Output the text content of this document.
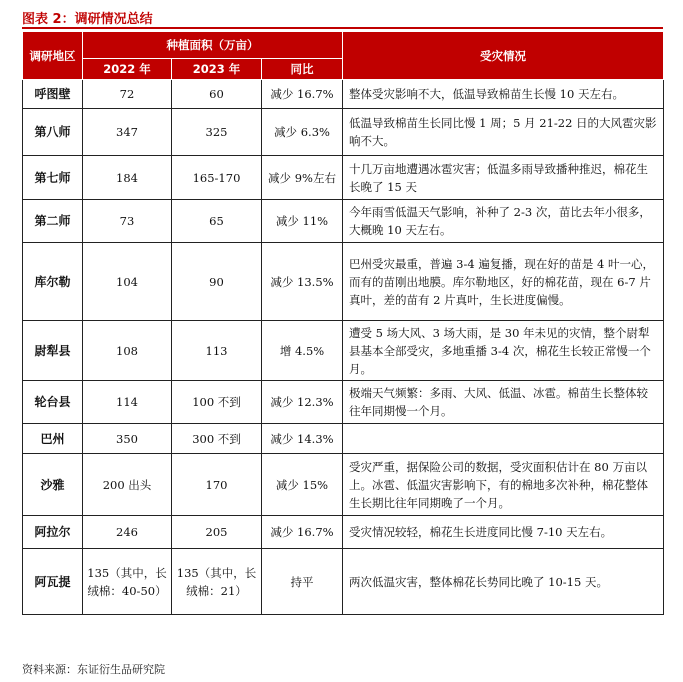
图表 2：调研情况总结
调研地区	种植面积（万亩）			受灾情况
	2022 年	2023 年	同比	
呼图壁	72	60	减少 16.7%	整体受灾影响不大，低温导致棉苗生长慢 10 天左右。
第八师	347	325	减少 6.3%	低温导致棉苗生长同比慢 1 周；5 月 21-22 日的大风雹灾影响不大。
第七师	184	165-170	减少 9%左右	十几万亩地遭遇冰雹灾害；低温多雨导致播种推迟，棉花生长晚了 15 天
第二师	73	65	减少 11%	今年雨雪低温天气影响，补种了 2-3 次，苗比去年小很多，大概晚 10 天左右。
库尔勒	104	90	减少 13.5%	巴州受灾最重，普遍 3-4 遍复播，现在好的苗是 4 叶一心，而有的苗刚出地膜。库尔勒地区，好的棉花苗，现在 6-7 片真叶，差的苗有 2 片真叶，生长进度偏慢。
尉犁县	108	113	增 4.5%	遭受 5 场大风、3 场大雨，是 30 年未见的灾情，整个尉犁县基本全部受灾，多地重播 3-4 次，棉花生长较正常慢一个月。
轮台县	114	100 不到	减少 12.3%	极端天气频繁：多雨、大风、低温、冰雹。棉苗生长整体较往年同期慢一个月。
巴州	350	300 不到	减少 14.3%	
沙雅	200 出头	170	减少 15%	受灾严重，据保险公司的数据，受灾面积估计在 80 万亩以上。冰雹、低温灾害影响下，有的棉地多次补种，棉花整体生长期比往年同期晚了一个月。
阿拉尔	246	205	减少 16.7%	受灾情况较轻，棉花生长进度同比慢 7-10 天左右。
阿瓦提	135（其中，长绒棉：40-50）	135（其中，长绒棉：21）	持平	两次低温灾害，整体棉花长势同比晚了 10-15 天。
资料来源：东证衍生品研究院
